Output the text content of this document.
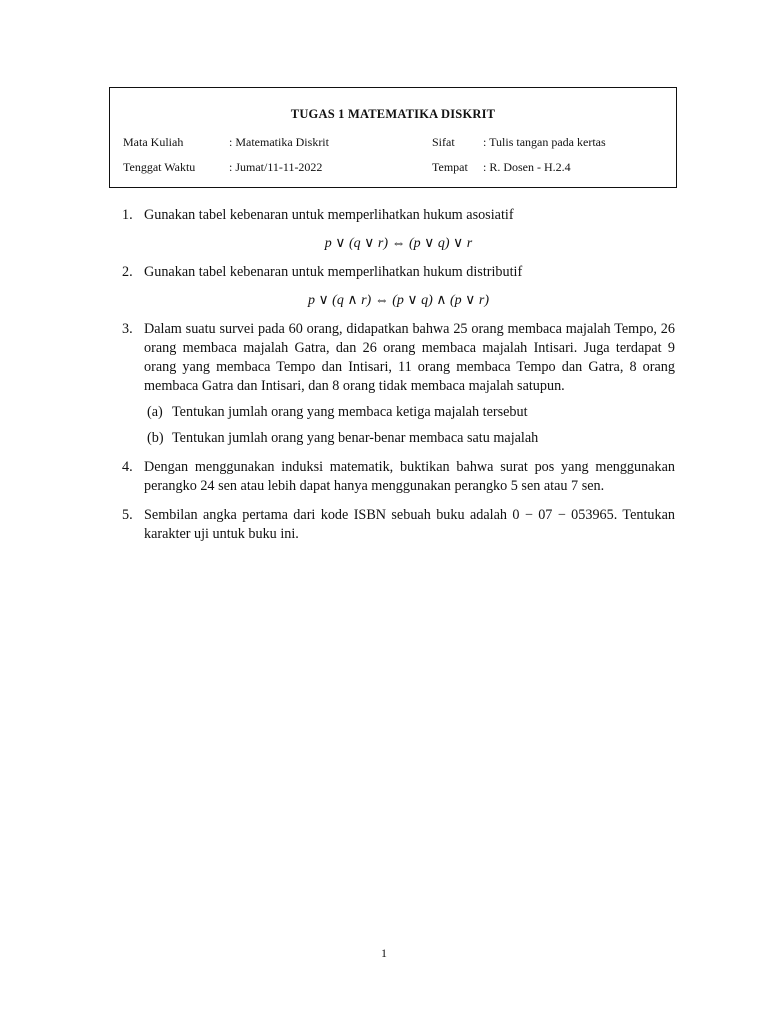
TUGAS 1 MATEMATIKA DISKRIT
Mata Kuliah	: Matematika Diskrit	Sifat : Tulis tangan pada kertas
Tenggat Waktu	: Jumat/11-11-2022	Tempat : R. Dosen - H.2.4
1. Gunakan tabel kebenaran untuk memperlihatkan hukum asosiatif
p ∨ (q ∨ r) ⇔ (p ∨ q) ∨ r
2. Gunakan tabel kebenaran untuk memperlihatkan hukum distributif
p ∨ (q ∧ r) ⇔ (p ∨ q) ∧ (p ∨ r)
3. Dalam suatu survei pada 60 orang, didapatkan bahwa 25 orang membaca majalah Tempo, 26 orang membaca majalah Gatra, dan 26 orang membaca majalah Intisari. Juga terdapat 9 orang yang membaca Tempo dan Intisari, 11 orang membaca Tempo dan Gatra, 8 orang membaca Gatra dan Intisari, dan 8 orang tidak membaca majalah satupun.
(a) Tentukan jumlah orang yang membaca ketiga majalah tersebut
(b) Tentukan jumlah orang yang benar-benar membaca satu majalah
4. Dengan menggunakan induksi matematik, buktikan bahwa surat pos yang menggunakan perangko 24 sen atau lebih dapat hanya menggunakan perangko 5 sen atau 7 sen.
5. Sembilan angka pertama dari kode ISBN sebuah buku adalah 0 − 07 − 053965. Tentukan karakter uji untuk buku ini.
1
